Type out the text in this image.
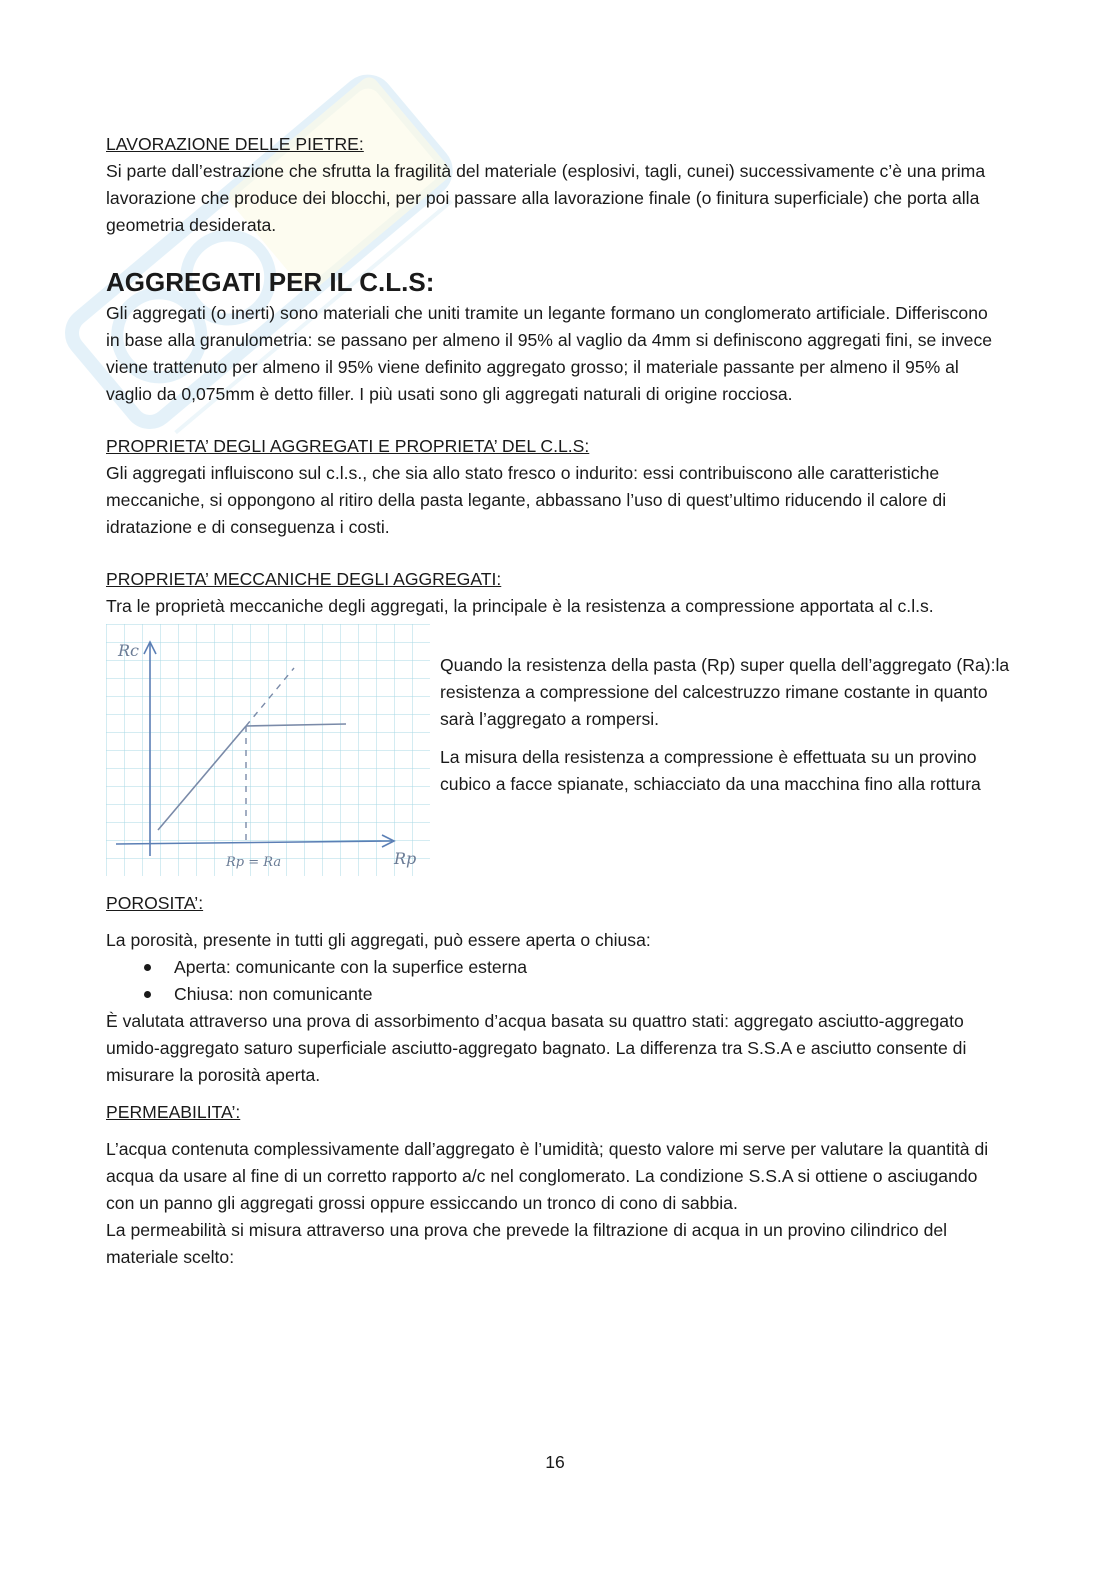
LAVORAZIONE DELLE PIETRE:

Si parte dall’estrazione che sfrutta la fragilità del materiale (esplosivi, tagli, cunei) successivamente c’è una prima lavorazione che produce dei blocchi, per poi passare alla lavorazione finale (o finitura superficiale) che porta alla geometria desiderata.

AGGREGATI PER IL C.L.S:

Gli aggregati (o inerti) sono materiali che uniti tramite un legante formano un conglomerato artificiale. Differiscono in base alla granulometria: se passano per almeno il 95% al vaglio da 4mm si definiscono aggregati fini, se invece viene trattenuto per almeno il 95% viene definito aggregato grosso; il materiale passante per almeno il 95% al vaglio da 0,075mm è detto filler. I più usati sono gli aggregati naturali di origine rocciosa.

PROPRIETA’ DEGLI AGGREGATI E PROPRIETA’ DEL C.L.S:

Gli aggregati influiscono sul c.l.s., che sia allo stato fresco o indurito: essi contribuiscono alle caratteristiche meccaniche, si oppongono al ritiro della pasta legante, abbassano l’uso di quest’ultimo riducendo il calore di idratazione e di conseguenza i costi.

PROPRIETA’ MECCANICHE DEGLI AGGREGATI:

Tra le proprietà meccaniche degli aggregati, la principale è la resistenza a compressione apportata al c.l.s.

Rc
Rp
Rp = Ra

Quando la resistenza della pasta (Rp) super quella dell’aggregato (Ra):la resistenza a compressione del calcestruzzo rimane costante in quanto sarà l’aggregato a rompersi.

La misura della resistenza a compressione è effettuata su un provino cubico a facce spianate, schiacciato da una macchina fino alla rottura

POROSITA’:

La porosità, presente in tutti gli aggregati, può essere aperta o chiusa:

Aperta: comunicante con la superfice esterna
Chiusa: non comunicante

È valutata attraverso una prova di assorbimento d’acqua basata su quattro stati: aggregato asciutto-aggregato umido-aggregato saturo superficiale asciutto-aggregato bagnato. La differenza tra S.S.A e asciutto consente di misurare la porosità aperta.

PERMEABILITA’:

L’acqua contenuta complessivamente dall’aggregato è l’umidità; questo valore mi serve per valutare la quantità di acqua da usare al fine di un corretto rapporto a/c nel conglomerato. La condizione S.S.A si ottiene o asciugando con un panno gli aggregati grossi oppure essiccando un tronco di cono di sabbia.

La permeabilità si misura attraverso una prova che prevede la filtrazione di acqua in un provino cilindrico del materiale scelto:

16
